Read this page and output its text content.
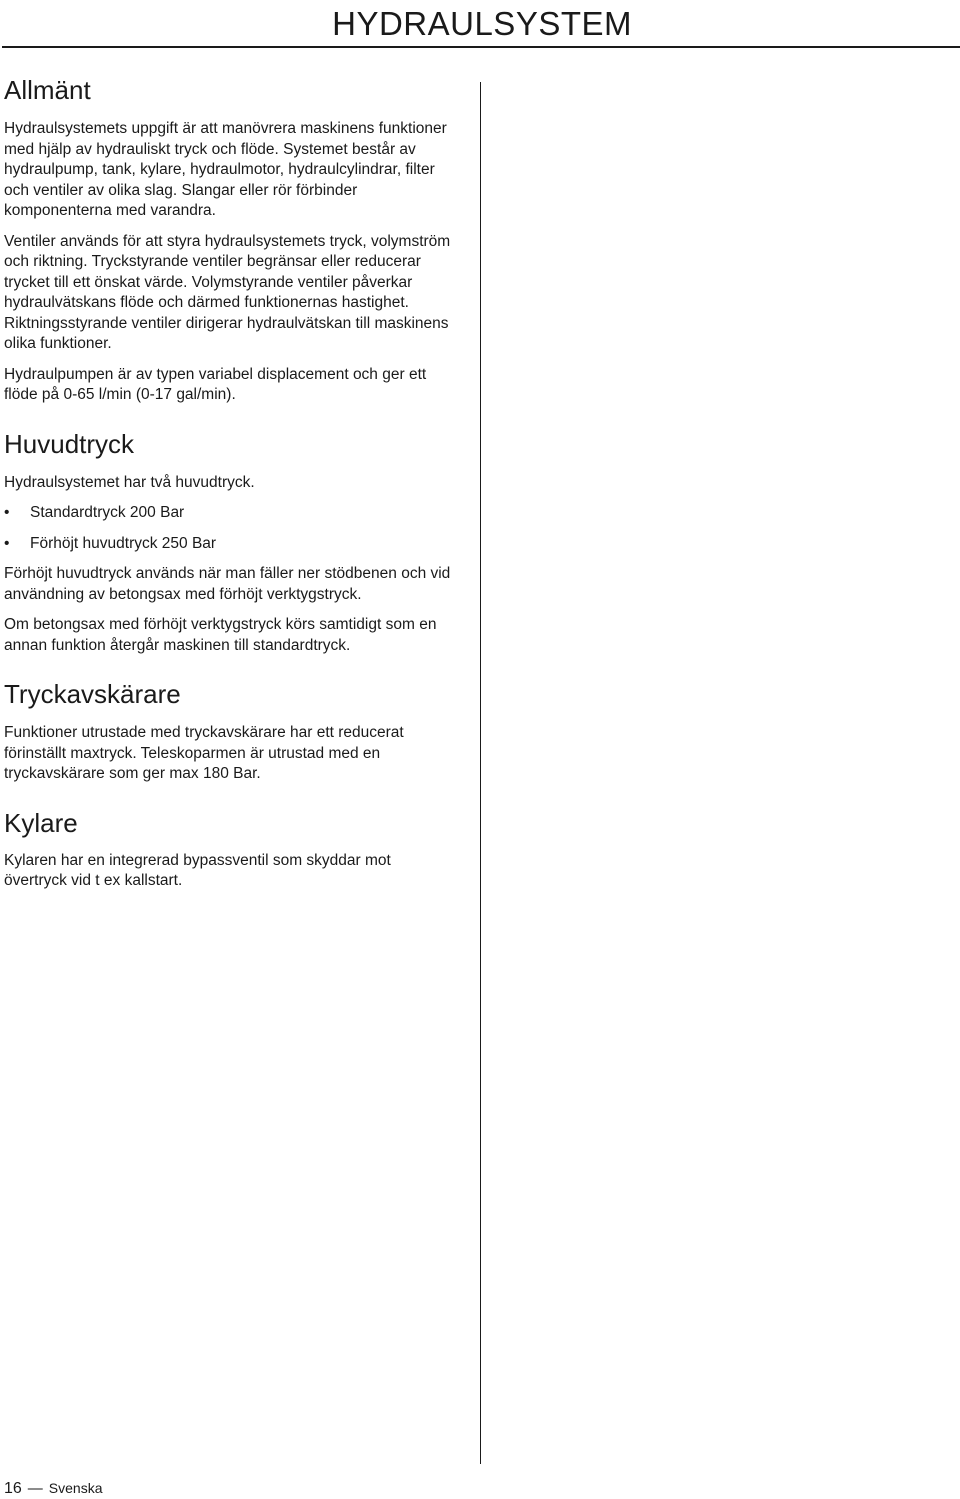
HYDRAULSYSTEM
Allmänt

Hydraulsystemets uppgift är att manövrera maskinens funktioner med hjälp av hydrauliskt tryck och flöde. Systemet består av hydraulpump, tank, kylare, hydraulmotor, hydraulcylindrar, filter och ventiler av olika slag. Slangar eller rör förbinder komponenterna med varandra.

Ventiler används för att styra hydraulsystemets tryck, volymström och riktning. Tryckstyrande ventiler begränsar eller reducerar trycket till ett önskat värde. Volymstyrande ventiler påverkar hydraulvätskans flöde och därmed funktionernas hastighet. Riktningsstyrande ventiler dirigerar hydraulvätskan till maskinens olika funktioner.

Hydraulpumpen är av typen variabel displacement och ger ett flöde på 0-65 l/min (0-17 gal/min).

Huvudtryck

Hydraulsystemet har två huvudtryck.

•	Standardtryck 200 Bar
•	Förhöjt huvudtryck 250 Bar

Förhöjt huvudtryck används när man fäller ner stödbenen och vid användning av betongsax med förhöjt verktygstryck.

Om betongsax med förhöjt verktygstryck körs samtidigt som en annan funktion återgår maskinen till standardtryck.

Tryckavskärare

Funktioner utrustade med tryckavskärare har ett reducerat förinställt maxtryck. Teleskoparmen är utrustad med en tryckavskärare som ger max 180 Bar.

Kylare

Kylaren har en integrerad bypassventil som skyddar mot övertryck vid t ex kallstart.

16 — Svenska
